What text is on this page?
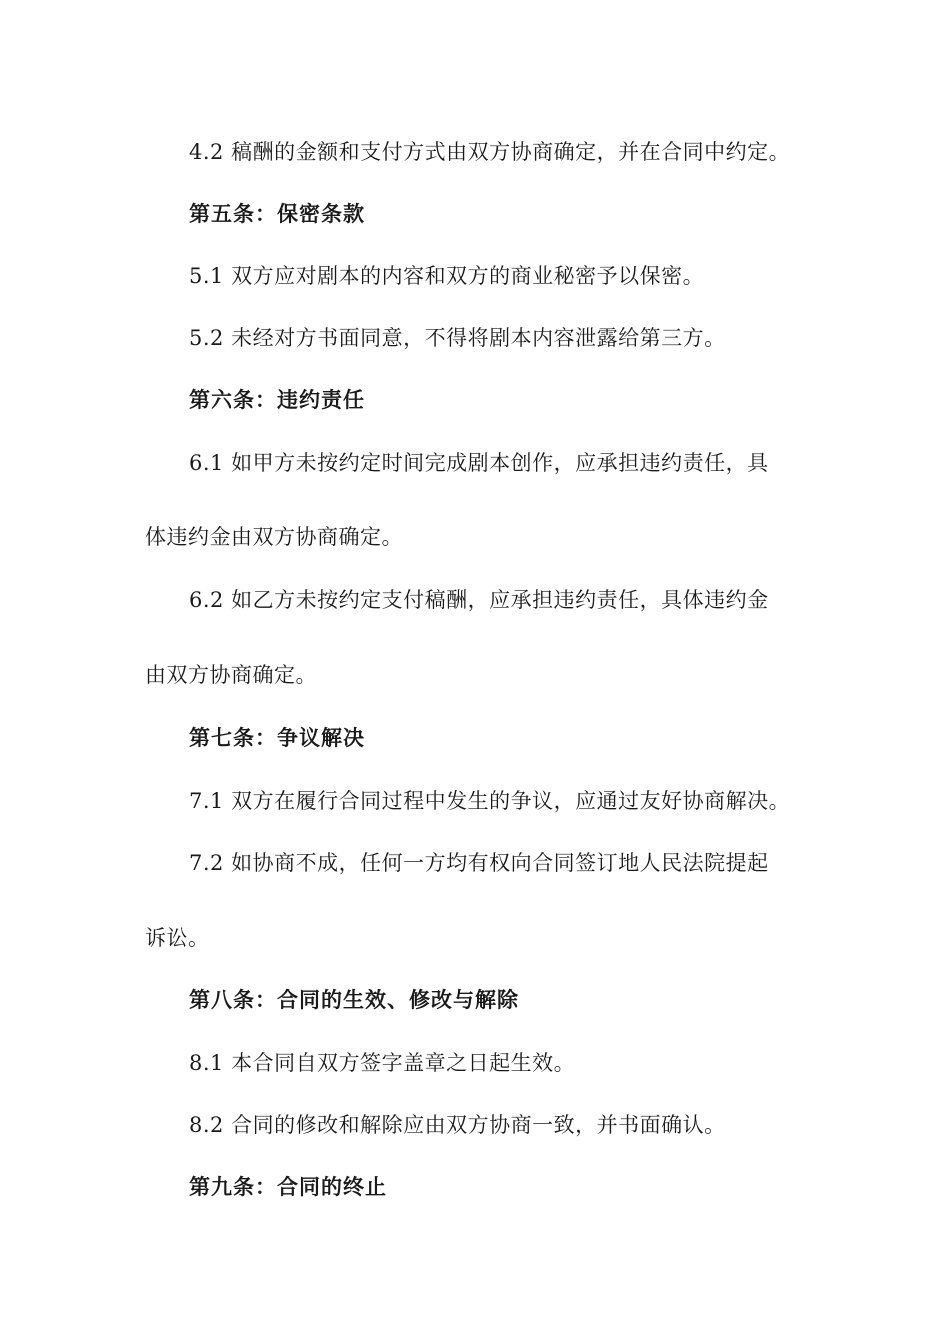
4.2 稿酬的金额和支付方式由双方协商确定，并在合同中约定。

第五条：保密条款

5.1 双方应对剧本的内容和双方的商业秘密予以保密。

5.2 未经对方书面同意，不得将剧本内容泄露给第三方。

第六条：违约责任

6.1 如甲方未按约定时间完成剧本创作，应承担违约责任，具

体违约金由双方协商确定。

6.2 如乙方未按约定支付稿酬，应承担违约责任，具体违约金

由双方协商确定。

第七条：争议解决

7.1 双方在履行合同过程中发生的争议，应通过友好协商解决。

7.2 如协商不成，任何一方均有权向合同签订地人民法院提起

诉讼。

第八条：合同的生效、修改与解除

8.1 本合同自双方签字盖章之日起生效。

8.2 合同的修改和解除应由双方协商一致，并书面确认。

第九条：合同的终止
